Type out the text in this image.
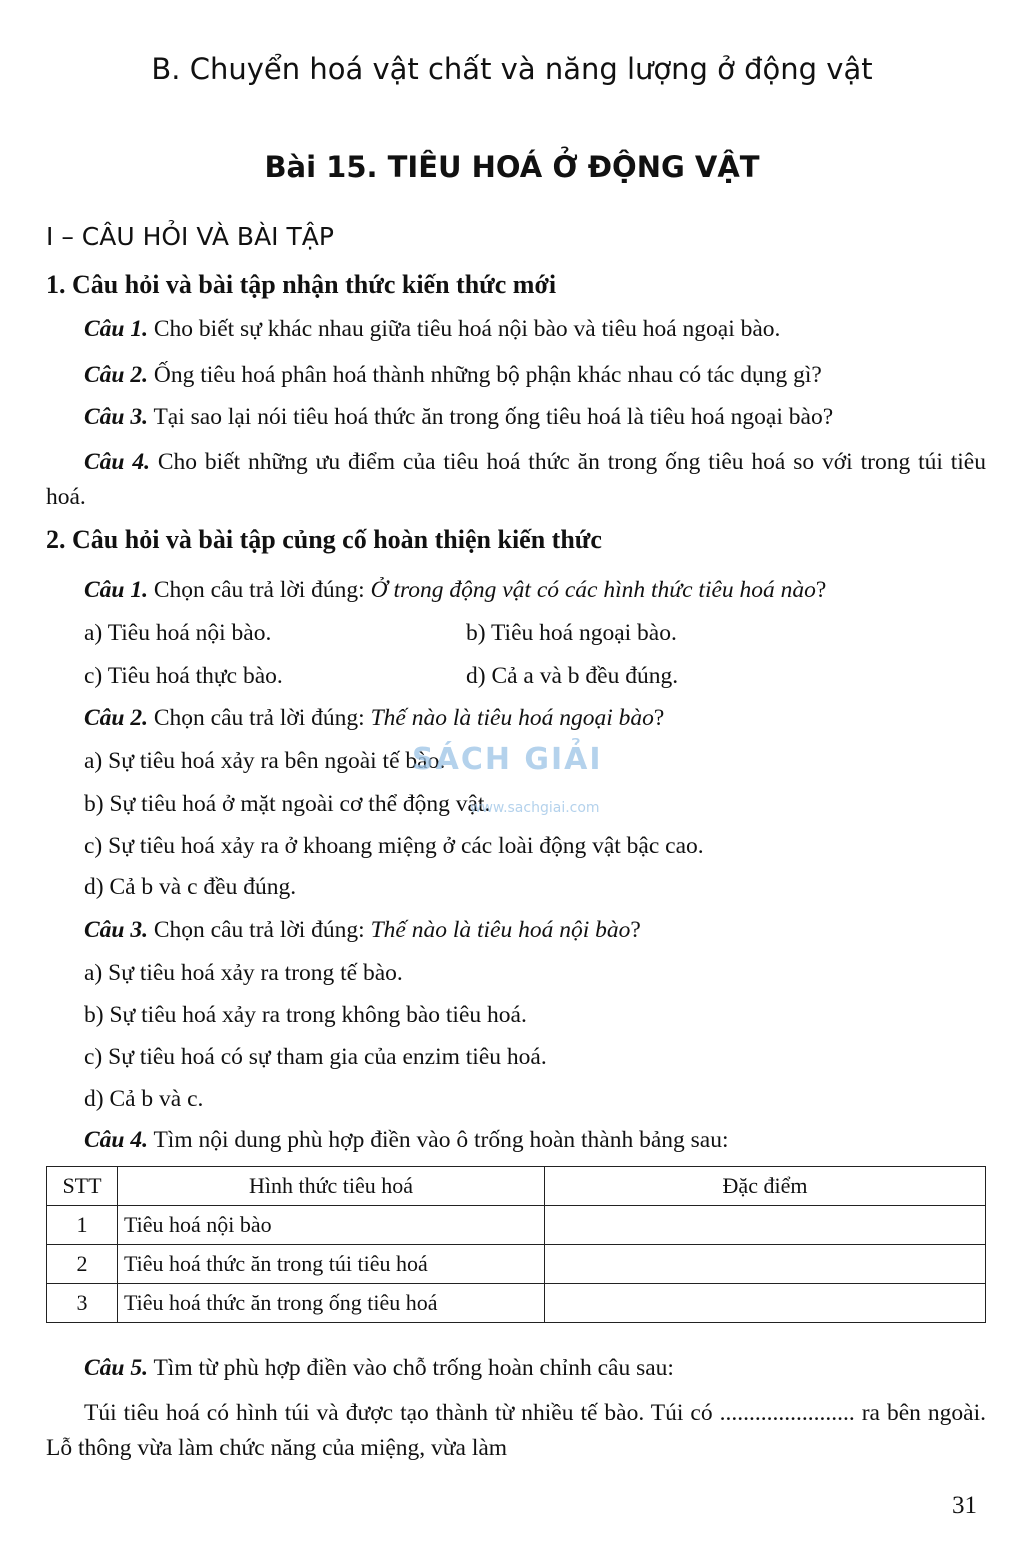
B. Chuyển hoá vật chất và năng lượng ở động vật
Bài 15. TIÊU HOÁ Ở ĐỘNG VẬT
I – CÂU HỎI VÀ BÀI TẬP
1. Câu hỏi và bài tập nhận thức kiến thức mới
Câu 1. Cho biết sự khác nhau giữa tiêu hoá nội bào và tiêu hoá ngoại bào.
Câu 2. Ống tiêu hoá phân hoá thành những bộ phận khác nhau có tác dụng gì?
Câu 3. Tại sao lại nói tiêu hoá thức ăn trong ống tiêu hoá là tiêu hoá ngoại bào?
Câu 4. Cho biết những ưu điểm của tiêu hoá thức ăn trong ống tiêu hoá so với trong túi tiêu hoá.
2. Câu hỏi và bài tập củng cố hoàn thiện kiến thức
Câu 1. Chọn câu trả lời đúng: Ở trong động vật có các hình thức tiêu hoá nào?
a) Tiêu hoá nội bào.	b) Tiêu hoá ngoại bào.
c) Tiêu hoá thực bào.	d) Cả a và b đều đúng.
Câu 2. Chọn câu trả lời đúng: Thế nào là tiêu hoá ngoại bào?
a) Sự tiêu hoá xảy ra bên ngoài tế bào.
b) Sự tiêu hoá ở mặt ngoài cơ thể động vật.
c) Sự tiêu hoá xảy ra ở khoang miệng ở các loài động vật bậc cao.
d) Cả b và c đều đúng.
Câu 3. Chọn câu trả lời đúng: Thế nào là tiêu hoá nội bào?
a) Sự tiêu hoá xảy ra trong tế bào.
b) Sự tiêu hoá xảy ra trong không bào tiêu hoá.
c) Sự tiêu hoá có sự tham gia của enzim tiêu hoá.
d) Cả b và c.
Câu 4. Tìm nội dung phù hợp điền vào ô trống hoàn thành bảng sau:
STT	Hình thức tiêu hoá	Đặc điểm
1	Tiêu hoá nội bào	
2	Tiêu hoá thức ăn trong túi tiêu hoá	
3	Tiêu hoá thức ăn trong ống tiêu hoá	
Câu 5. Tìm từ phù hợp điền vào chỗ trống hoàn chỉnh câu sau:
Túi tiêu hoá có hình túi và được tạo thành từ nhiều tế bào. Túi có ....................... ra bên ngoài. Lỗ thông vừa làm chức năng của miệng, vừa làm
SÁCH GIẢI
www.sachgiai.com
31
